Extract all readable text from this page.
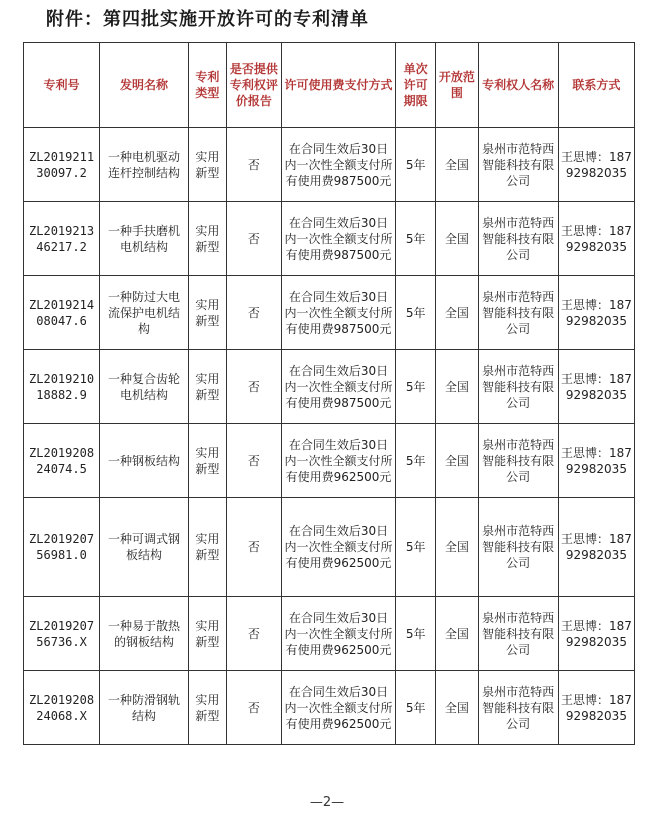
附件：第四批实施开放许可的专利清单
专利号	发明名称	专利类型	是否提供专利权评价报告	许可使用费支付方式	单次许可期限	开放范围	专利权人名称	联系方式
ZL201921130097.2	一种电机驱动连杆控制结构	实用新型	否	在合同生效后30日内一次性全额支付所有使用费987500元	5年	全国	泉州市范特西智能科技有限公司	王思博：18792982035
ZL201921346217.2	一种手扶磨机电机结构	实用新型	否	在合同生效后30日内一次性全额支付所有使用费987500元	5年	全国	泉州市范特西智能科技有限公司	王思博：18792982035
ZL201921408047.6	一种防过大电流保护电机结构	实用新型	否	在合同生效后30日内一次性全额支付所有使用费987500元	5年	全国	泉州市范特西智能科技有限公司	王思博：18792982035
ZL201921018882.9	一种复合齿轮电机结构	实用新型	否	在合同生效后30日内一次性全额支付所有使用费987500元	5年	全国	泉州市范特西智能科技有限公司	王思博：18792982035
ZL201920824074.5	一种钢板结构	实用新型	否	在合同生效后30日内一次性全额支付所有使用费962500元	5年	全国	泉州市范特西智能科技有限公司	王思博：18792982035
ZL201920756981.0	一种可调式钢板结构	实用新型	否	在合同生效后30日内一次性全额支付所有使用费962500元	5年	全国	泉州市范特西智能科技有限公司	王思博：18792982035
ZL201920756736.X	一种易于散热的钢板结构	实用新型	否	在合同生效后30日内一次性全额支付所有使用费962500元	5年	全国	泉州市范特西智能科技有限公司	王思博：18792982035
ZL201920824068.X	一种防滑钢轨结构	实用新型	否	在合同生效后30日内一次性全额支付所有使用费962500元	5年	全国	泉州市范特西智能科技有限公司	王思博：18792982035
—2—
